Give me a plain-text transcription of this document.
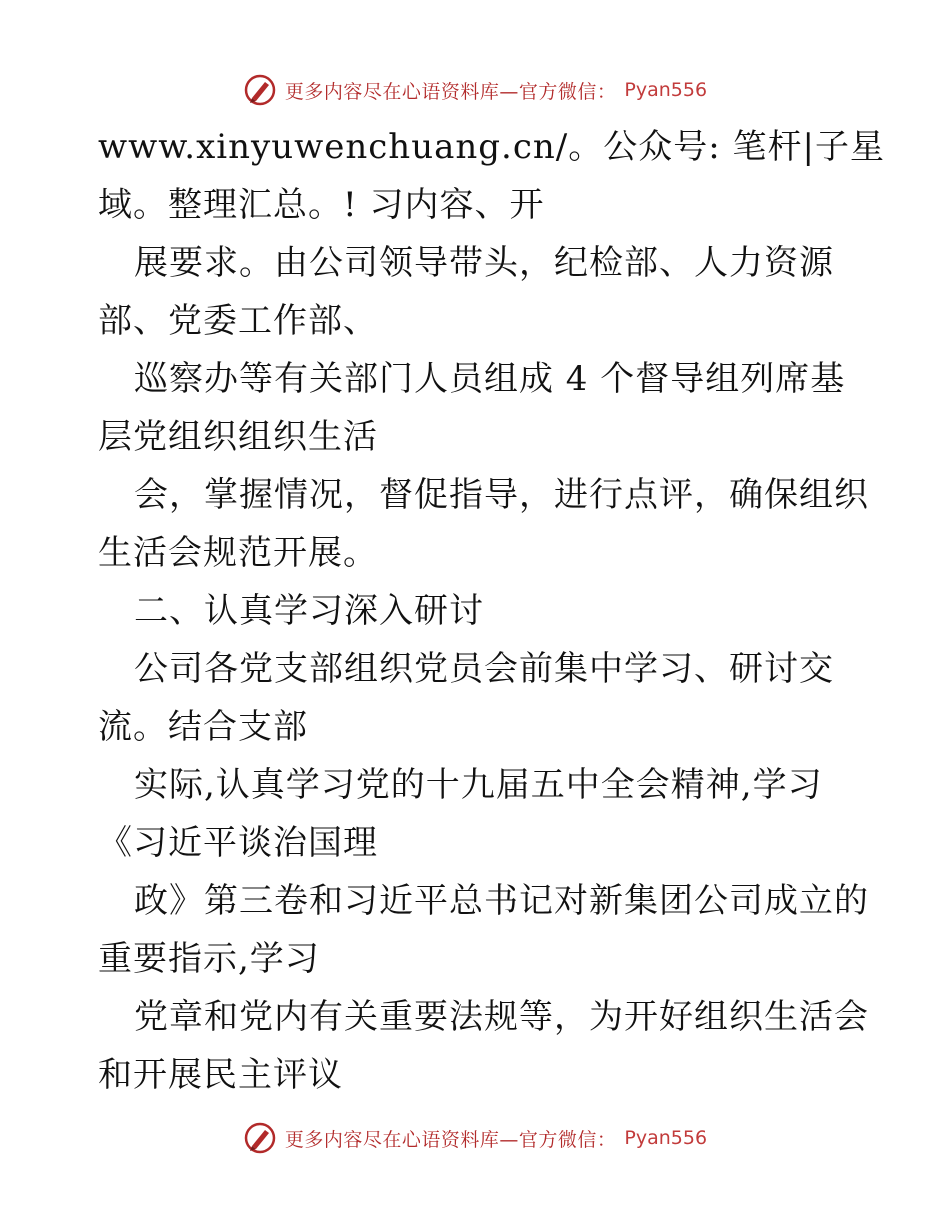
更多内容尽在心语资料库—官方微信： Pyan556

www.xinyuwenchuang.cn/。公众号: 笔杆|子星

域。整理汇总。! 习内容、开

展要求。由公司领导带头，纪检部、人力资源

部、党委工作部、

巡察办等有关部门人员组成 4 个督导组列席基

层党组织组织生活

会，掌握情况，督促指导，进行点评，确保组织

生活会规范开展。

二、认真学习深入研讨

公司各党支部组织党员会前集中学习、研讨交

流。结合支部

实际,认真学习党的十九届五中全会精神,学习

《习近平谈治国理

政》第三卷和习近平总书记对新集团公司成立的

重要指示,学习

党章和党内有关重要法规等，为开好组织生活会

和开展民主评议

更多内容尽在心语资料库—官方微信： Pyan556
